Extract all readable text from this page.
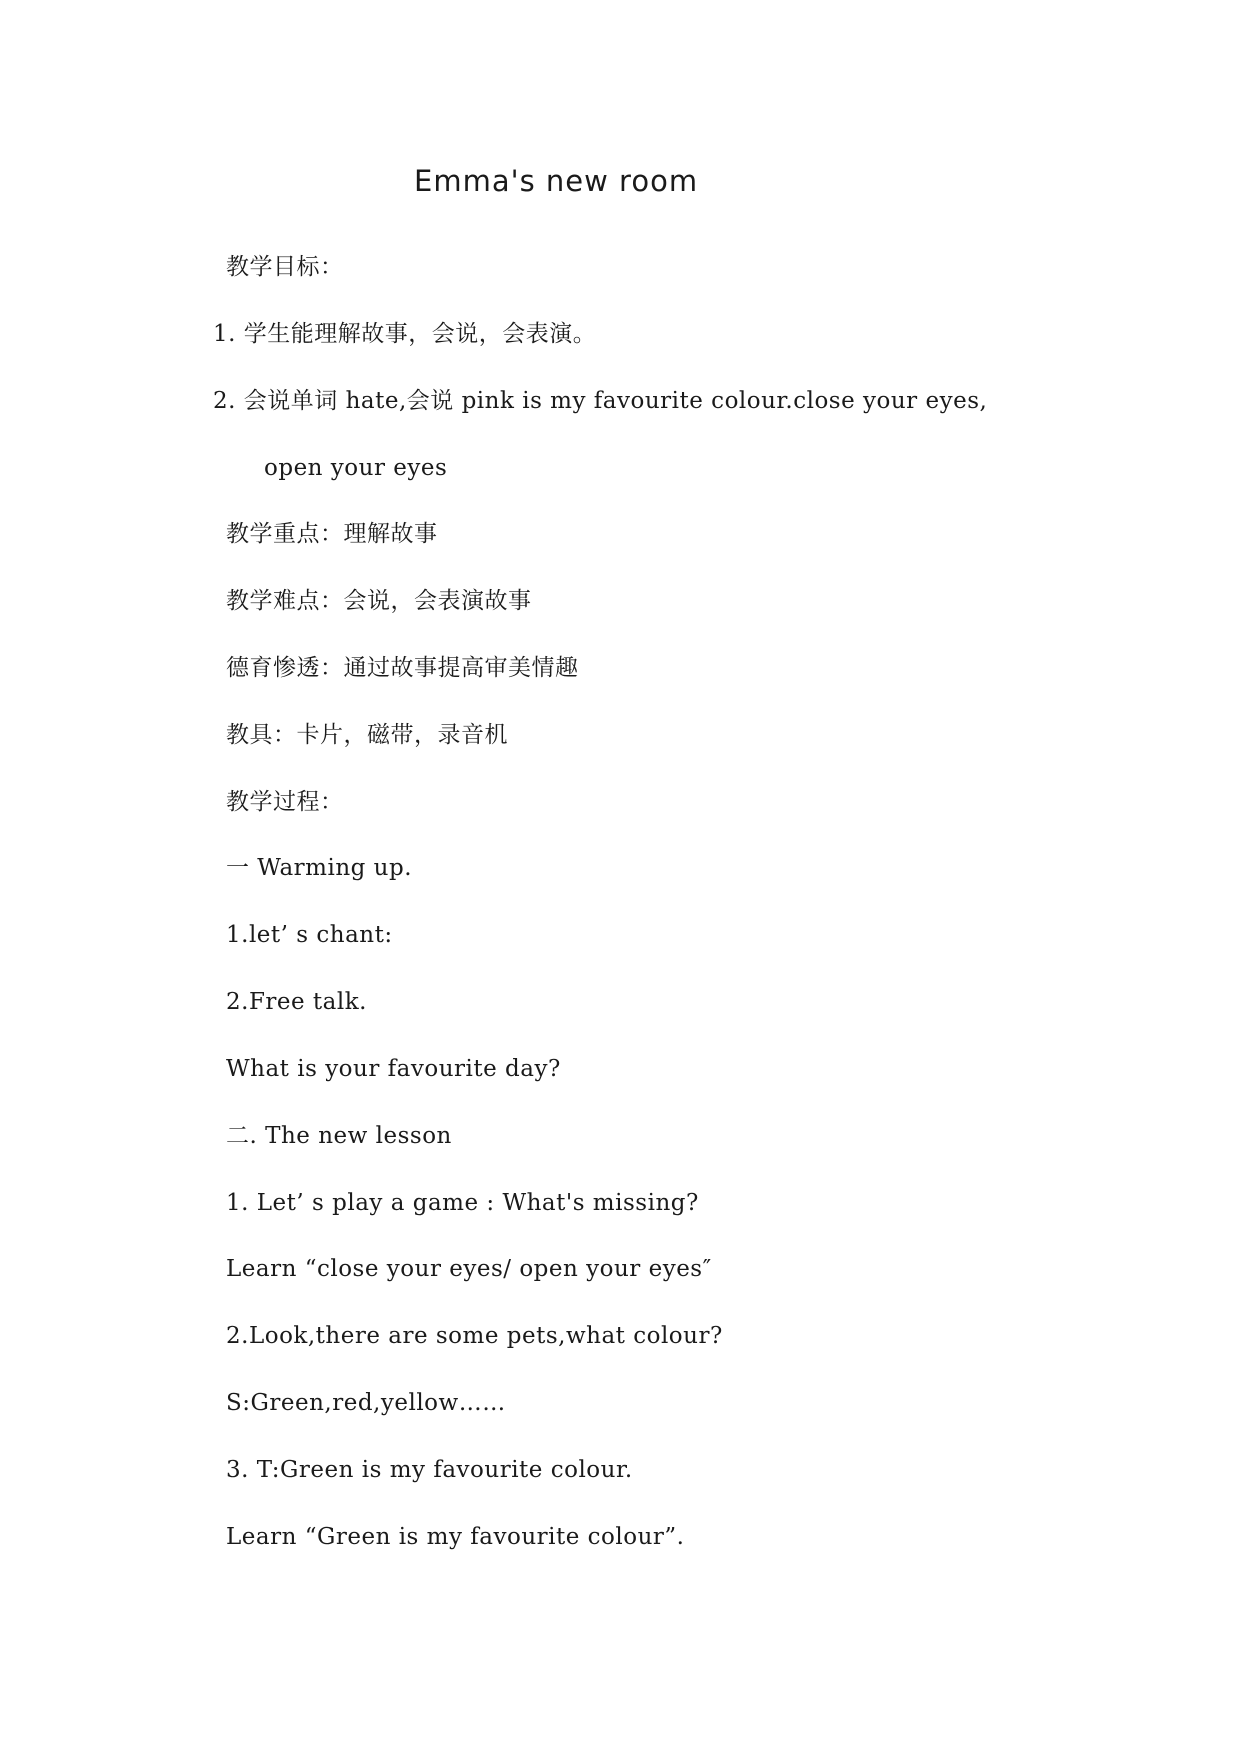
Emma's new room
教学目标：
1. 学生能理解故事，会说，会表演。
2. 会说单词 hate,会说 pink is my favourite colour.close your eyes,
open your eyes
教学重点：理解故事
教学难点：会说，会表演故事
德育惨透：通过故事提高审美情趣
教具：卡片，磁带，录音机
教学过程：
一 Warming up.
1.let’ s chant:
2.Free talk.
What is your favourite day?
二. The new lesson
1. Let’ s play a game : What's missing?
Learn “close your eyes/ open your eyes″
2.Look,there are some pets,what colour?
S:Green,red,yellow……
3. T:Green is my favourite colour.
Learn “Green is my favourite colour”.
